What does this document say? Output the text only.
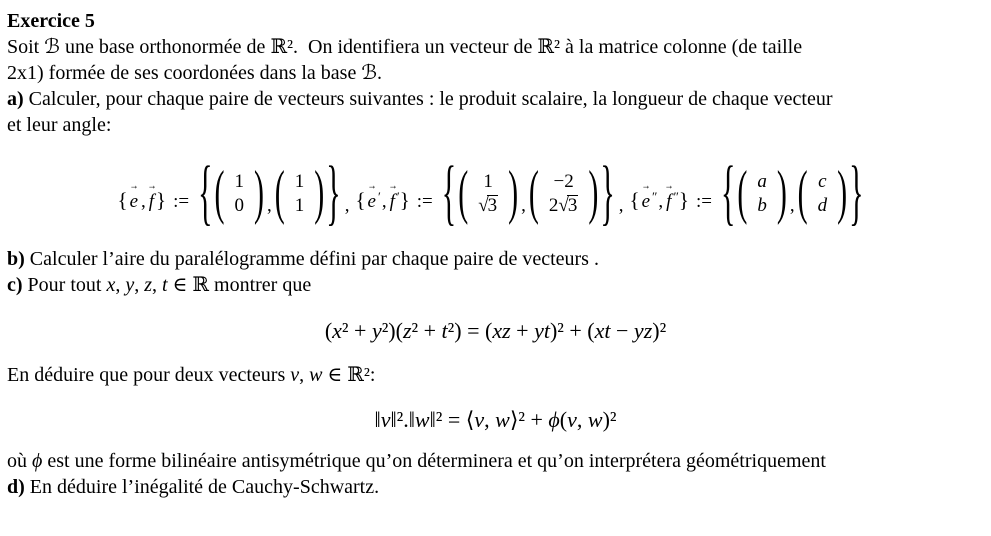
Exercice 5
Soit ℬ une base orthonormée de ℝ².  On identifiera un vecteur de ℝ² à la matrice colonne (de taille
2x1) formée de ses coordonées dans la base ℬ.
a) Calculer, pour chaque paire de vecteurs suivantes : le produit scalaire, la longueur de chaque vecteur
et leur angle:
{
→
e ,
→
f } := { ( 1
0 ) , ( 1
1 ) } , {
→
e ′ ,
→
f ′ } := { ( 1
√3 ) , ( −2
2√3 ) } , {
→
e ″ ,
→
f ″ } := { ( a
b ) , ( c
d ) }
b) Calculer l’aire du paralélogramme défini par chaque paire de vecteurs .
c) Pour tout x, y, z, t ∈ ℝ montrer que
(x² + y²)(z² + t²) = (xz + yt)² + (xt − yz)²
En déduire que pour deux vecteurs v, w ∈ ℝ²:
‖v‖².‖w‖² = ⟨v, w⟩² + ϕ(v, w)²
où ϕ est une forme bilinéaire antisymétrique qu’on déterminera et qu’on interprétera géométriquement
d) En déduire l’inégalité de Cauchy-Schwartz.
